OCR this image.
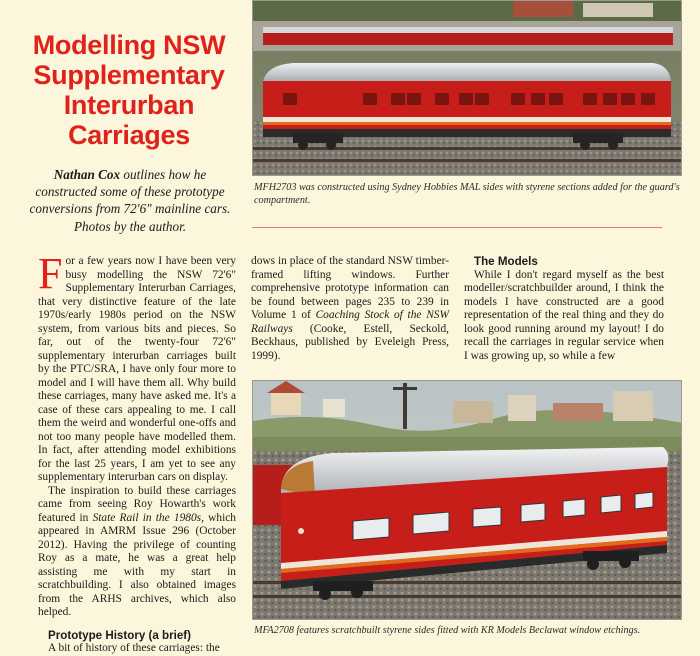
Modelling NSW
Supplementary
Interurban
Carriages
Nathan Cox outlines how he constructed some of these prototype conversions from 72'6" mainline cars. Photos by the author.
MFH2703 was constructed using Sydney Hobbies MAL sides with styrene sections added for the guard's compartment.

For a few years now I have been very busy modelling the NSW 72'6" Supplementary Interurban Carriages, that very distinctive feature of the late 1970s/early 1980s period on the NSW system, from various bits and pieces. So far, out of the twenty-four 72'6" supplementary interurban carriages built by the PTC/SRA, I have only four more to model and I will have them all. Why build these carriages, many have asked me. It's a case of these cars appealing to me. I call them the weird and wonderful one-offs and not too many people have modelled them. In fact, after attending model exhibitions for the last 25 years, I am yet to see any supplementary interurban cars on display.

The inspiration to build these carriages came from seeing Roy Howarth's work featured in State Rail in the 1980s, which appeared in AMRM Issue 296 (October 2012). Having the privilege of counting Roy as a mate, he was a great help assisting me with my start in scratchbuilding. I also obtained images from the ARHS archives, which also helped.

Prototype History (a brief)

A bit of history of these carriages: the

dows in place of the standard NSW timber-framed lifting windows. Further comprehensive prototype information can be found between pages 235 to 239 in Volume 1 of Coaching Stock of the NSW Railways (Cooke, Estell, Seckold, Beckhaus, published by Eveleigh Press, 1999).

The Models

While I don't regard myself as the best modeller/scratchbuilder around, I think the models I have constructed are a good representation of the real thing and they do look good running around my layout! I do recall the carriages in regular service when I was growing up, so while a few

MFA2708 features scratchbuilt styrene sides fitted with KR Models Beclawat window etchings.
